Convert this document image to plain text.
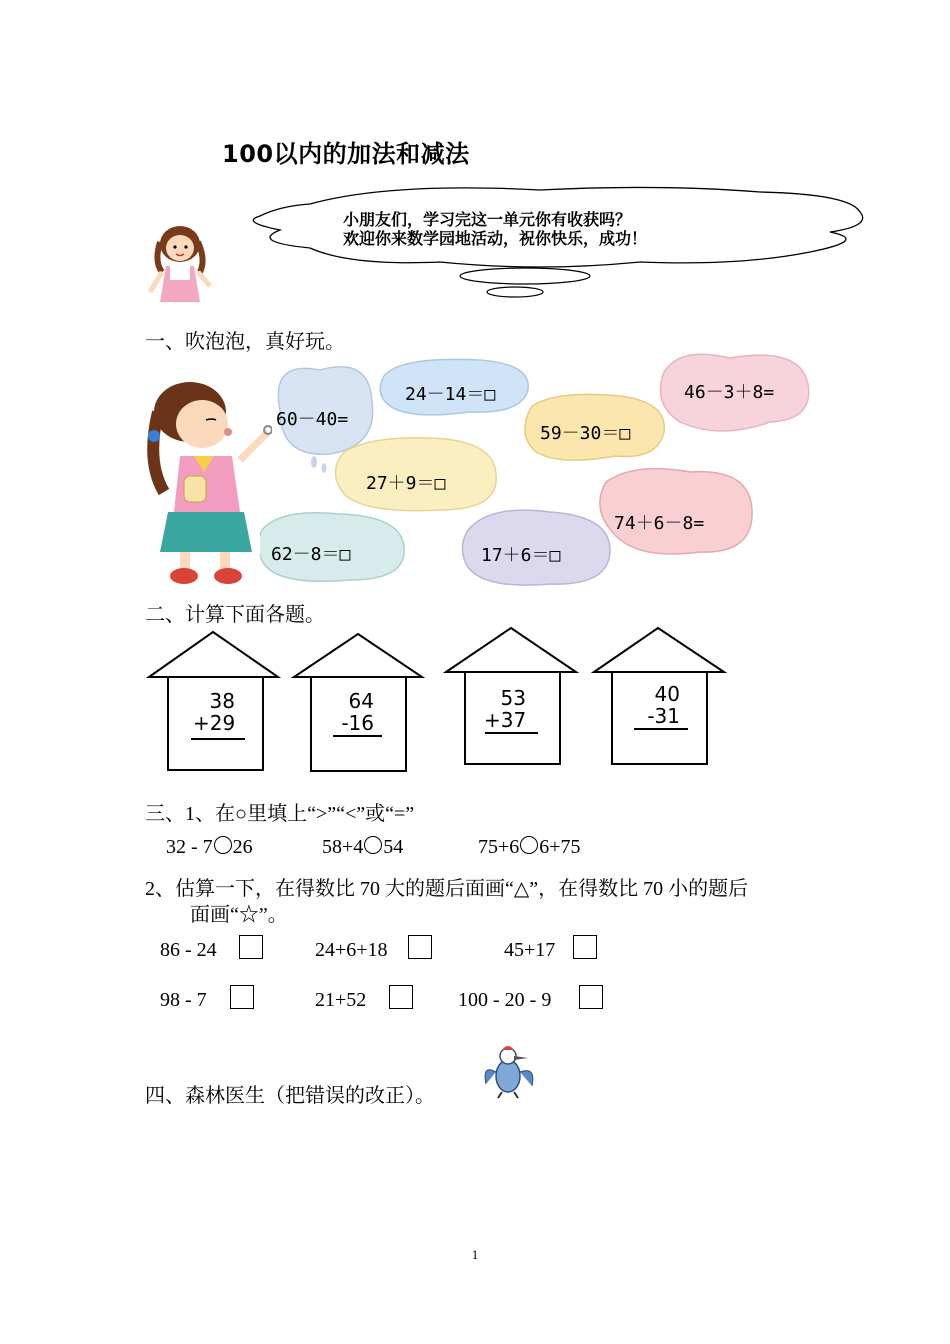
100以内的加法和减法
小朋友们，学习完这一单元你有收获吗？
欢迎你来数学园地活动，祝你快乐，成功！
一、吹泡泡，真好玩。
60－40=
24－14＝□	46－3＋8=
59－30＝□
27＋9＝□
74＋6－8=
62－8＝□	17＋6＝□
二、计算下面各题。
38
+29
64
-16
53
+37
40
-31
三、1、在○里填上“>”“<”或“=”
32 - 7 26	58+4 54	75+6 6+75
2、估算一下，在得数比 70 大的题后面画“△”，在得数比 70 小的题后
面画“☆”。
86 - 24	24+6+18	45+17
98 - 7	21+52	100 - 20 - 9
四、森林医生（把错误的改正）。
1
